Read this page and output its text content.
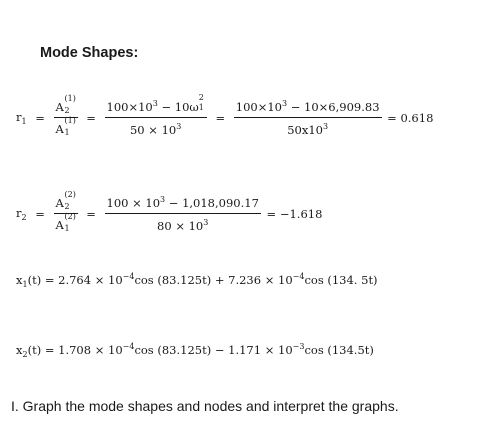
Mode Shapes:
$r_1 = A$
(1)
2
A
(1)
$1 = 100\times 10^3 - 10\omega$
2
1

$50 \times 10^3 = \frac{100\times 10^3 - 10\times 6,909.83}{50x10^3} = 0.618$
$r_2 = A$
(2)
2
A
(2)
$1 = \frac{100 \times 10^3 - 1,018,090.17}{80 \times 10^3} = -1.618$
$x_1(t) = 2.764 \times 10^{-4}\cos$ $(83.125t) + 7.236 \times 10^{-4}\cos$ (134. 5t)
$x_2(t) = 1.708 \times 10^{-4}\cos$ $(83.125t) - 1.171 \times 10^{-3}\cos$ (134.5t)
I. Graph the mode shapes and nodes and interpret the graphs.
